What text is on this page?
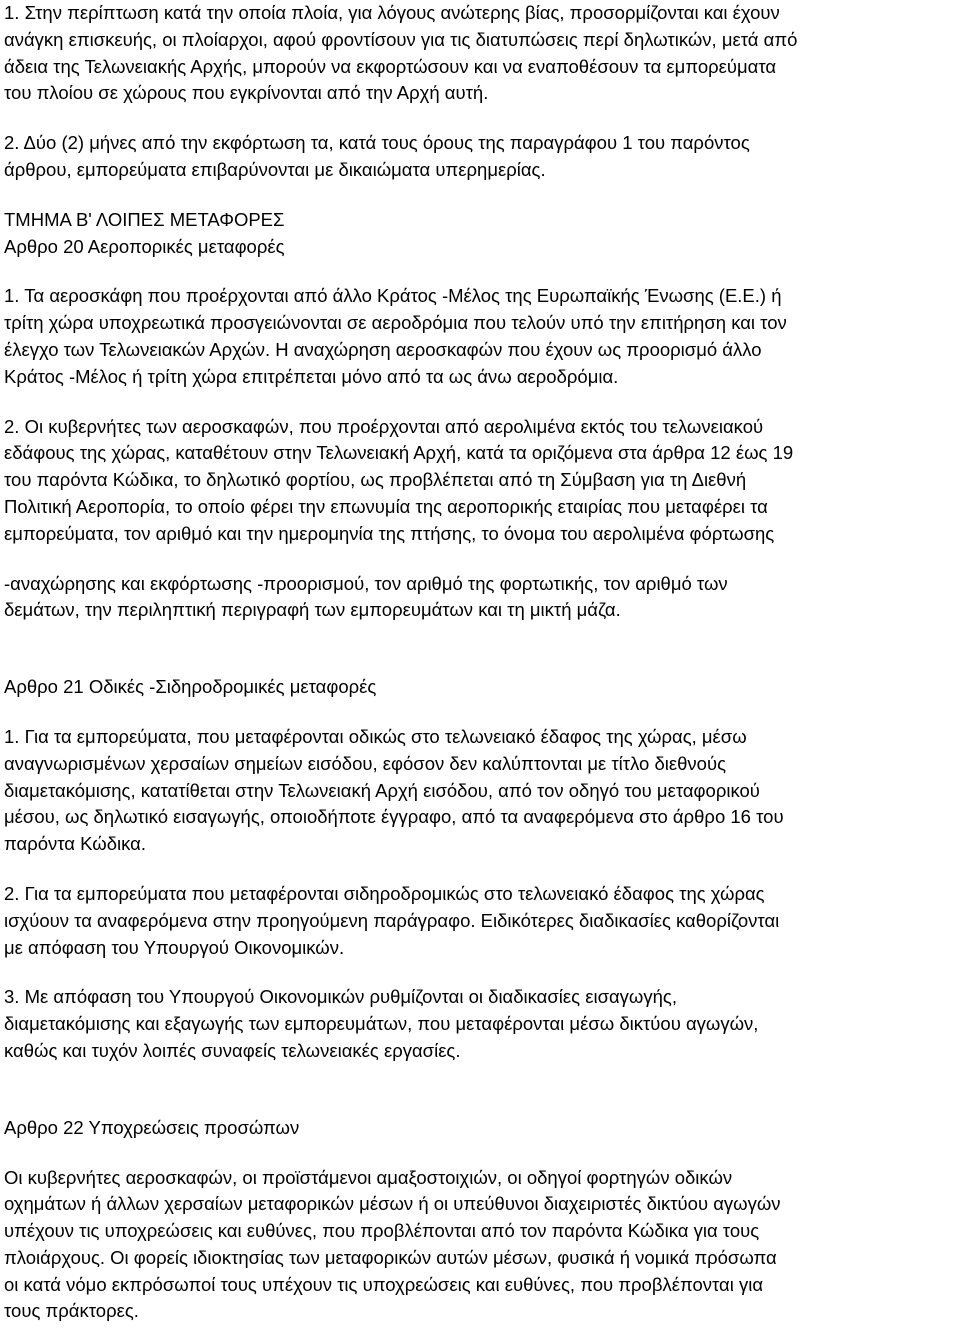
1. Στην περίπτωση κατά την οποία πλοία, για λόγους ανώτερης βίας, προσορμίζονται και έχουν
ανάγκη επισκευής, οι πλοίαρχοι, αφού φροντίσουν για τις διατυπώσεις περί δηλωτικών, μετά από
άδεια της Τελωνειακής Αρχής, μπορούν να εκφορτώσουν και να εναποθέσουν τα εμπορεύματα
του πλοίου σε χώρους που εγκρίνονται από την Αρχή αυτή.
2. Δύο (2) μήνες από την εκφόρτωση τα, κατά τους όρους της παραγράφου 1 του παρόντος
άρθρου, εμπορεύματα επιβαρύνονται με δικαιώματα υπερημερίας.
ΤΜΗΜΑ Β' ΛΟΙΠΕΣ ΜΕΤΑΦΟΡΕΣ
Αρθρο 20 Αεροπορικές μεταφορές
1. Τα αεροσκάφη που προέρχονται από άλλο Κράτος -Μέλος της Ευρωπαϊκής Ένωσης (Ε.Ε.) ή
τρίτη χώρα υποχρεωτικά προσγειώνονται σε αεροδρόμια που τελούν υπό την επιτήρηση και τον
έλεγχο των Τελωνειακών Αρχών. Η αναχώρηση αεροσκαφών που έχουν ως προορισμό άλλο
Κράτος -Μέλος ή τρίτη χώρα επιτρέπεται μόνο από τα ως άνω αεροδρόμια.
2. Οι κυβερνήτες των αεροσκαφών, που προέρχονται από αερολιμένα εκτός του τελωνειακού
εδάφους της χώρας, καταθέτουν στην Τελωνειακή Αρχή, κατά τα οριζόμενα στα άρθρα 12 έως 19
του παρόντα Κώδικα, το δηλωτικό φορτίου, ως προβλέπεται από τη Σύμβαση για τη Διεθνή
Πολιτική Αεροπορία, το οποίο φέρει την επωνυμία της αεροπορικής εταιρίας που μεταφέρει τα
εμπορεύματα, τον αριθμό και την ημερομηνία της πτήσης, το όνομα του αερολιμένα φόρτωσης
-αναχώρησης και εκφόρτωσης -προορισμού, τον αριθμό της φορτωτικής, τον αριθμό των
δεμάτων, την περιληπτική περιγραφή των εμπορευμάτων και τη μικτή μάζα.
Αρθρο 21 Οδικές -Σιδηροδρομικές μεταφορές
1. Για τα εμπορεύματα, που μεταφέρονται οδικώς στο τελωνειακό έδαφος της χώρας, μέσω
αναγνωρισμένων χερσαίων σημείων εισόδου, εφόσον δεν καλύπτονται με τίτλο διεθνούς
διαμετακόμισης, κατατίθεται στην Τελωνειακή Αρχή εισόδου, από τον οδηγό του μεταφορικού
μέσου, ως δηλωτικό εισαγωγής, οποιοδήποτε έγγραφο, από τα αναφερόμενα στο άρθρο 16 του
παρόντα Κώδικα.
2. Για τα εμπορεύματα που μεταφέρονται σιδηροδρομικώς στο τελωνειακό έδαφος της χώρας
ισχύουν τα αναφερόμενα στην προηγούμενη παράγραφο. Ειδικότερες διαδικασίες καθορίζονται
με απόφαση του Υπουργού Οικονομικών.
3. Με απόφαση του Υπουργού Οικονομικών ρυθμίζονται οι διαδικασίες εισαγωγής,
διαμετακόμισης και εξαγωγής των εμπορευμάτων, που μεταφέρονται μέσω δικτύου αγωγών,
καθώς και τυχόν λοιπές συναφείς τελωνειακές εργασίες.
Αρθρο 22 Υποχρεώσεις προσώπων
Οι κυβερνήτες αεροσκαφών, οι προϊστάμενοι αμαξοστοιχιών, οι οδηγοί φορτηγών οδικών
οχημάτων ή άλλων χερσαίων μεταφορικών μέσων ή οι υπεύθυνοι διαχειριστές δικτύου αγωγών
υπέχουν τις υποχρεώσεις και ευθύνες, που προβλέπονται από τον παρόντα Κώδικα για τους
πλοιάρχους. Οι φορείς ιδιοκτησίας των μεταφορικών αυτών μέσων, φυσικά ή νομικά πρόσωπα
οι κατά νόμο εκπρόσωποί τους υπέχουν τις υποχρεώσεις και ευθύνες, που προβλέπονται για
τους πράκτορες.
